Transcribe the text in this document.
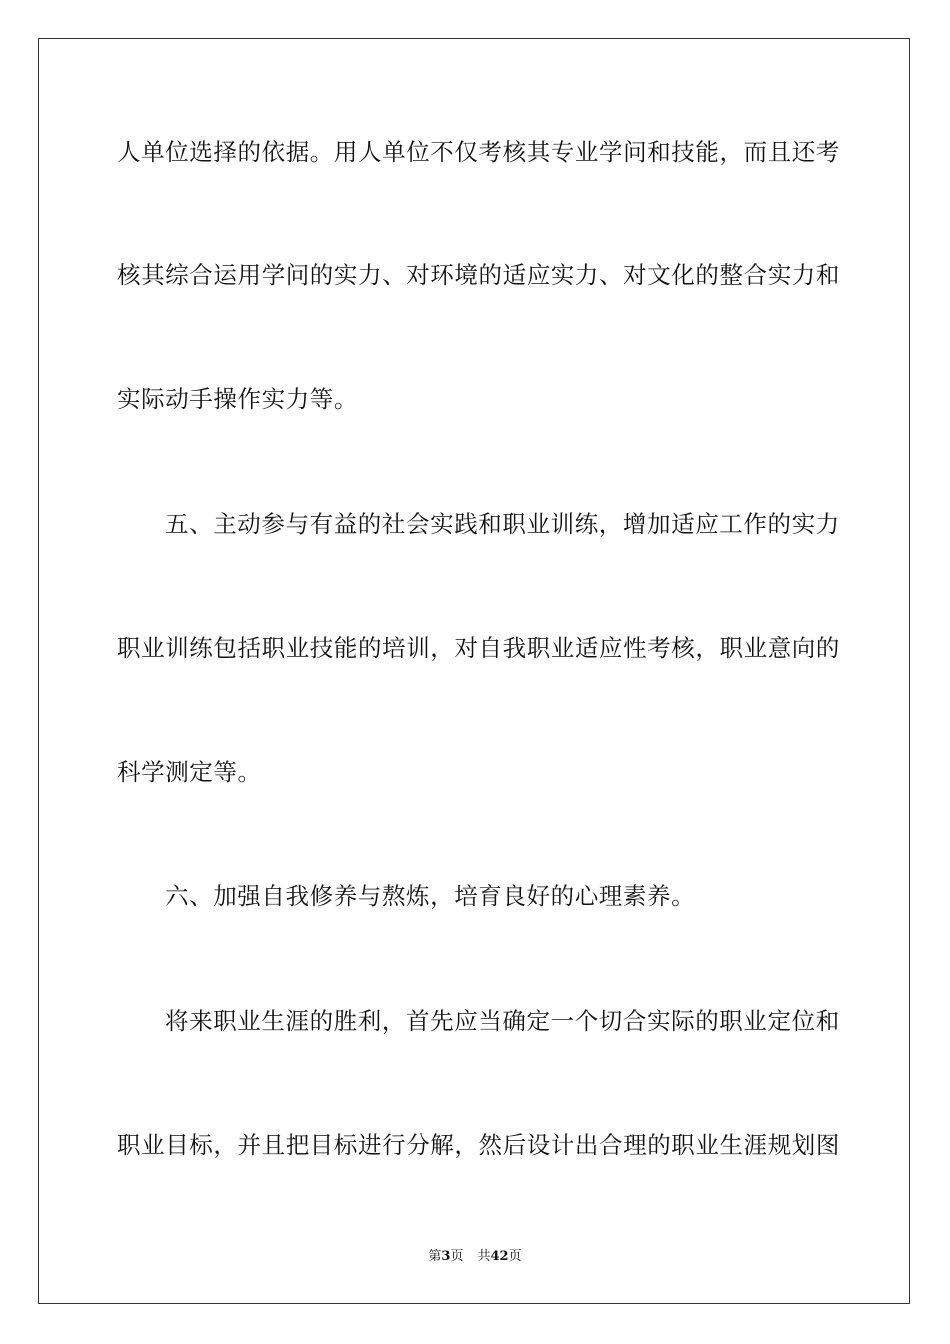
人单位选择的依据。用人单位不仅考核其专业学问和技能，而且还考
核其综合运用学问的实力、对环境的适应实力、对文化的整合实力和
实际动手操作实力等。
五、主动参与有益的社会实践和职业训练，增加适应工作的实力
职业训练包括职业技能的培训，对自我职业适应性考核，职业意向的
科学测定等。
六、加强自我修养与熬炼，培育良好的心理素养。
将来职业生涯的胜利，首先应当确定一个切合实际的职业定位和
职业目标，并且把目标进行分解，然后设计出合理的职业生涯规划图
第3页 共42页
